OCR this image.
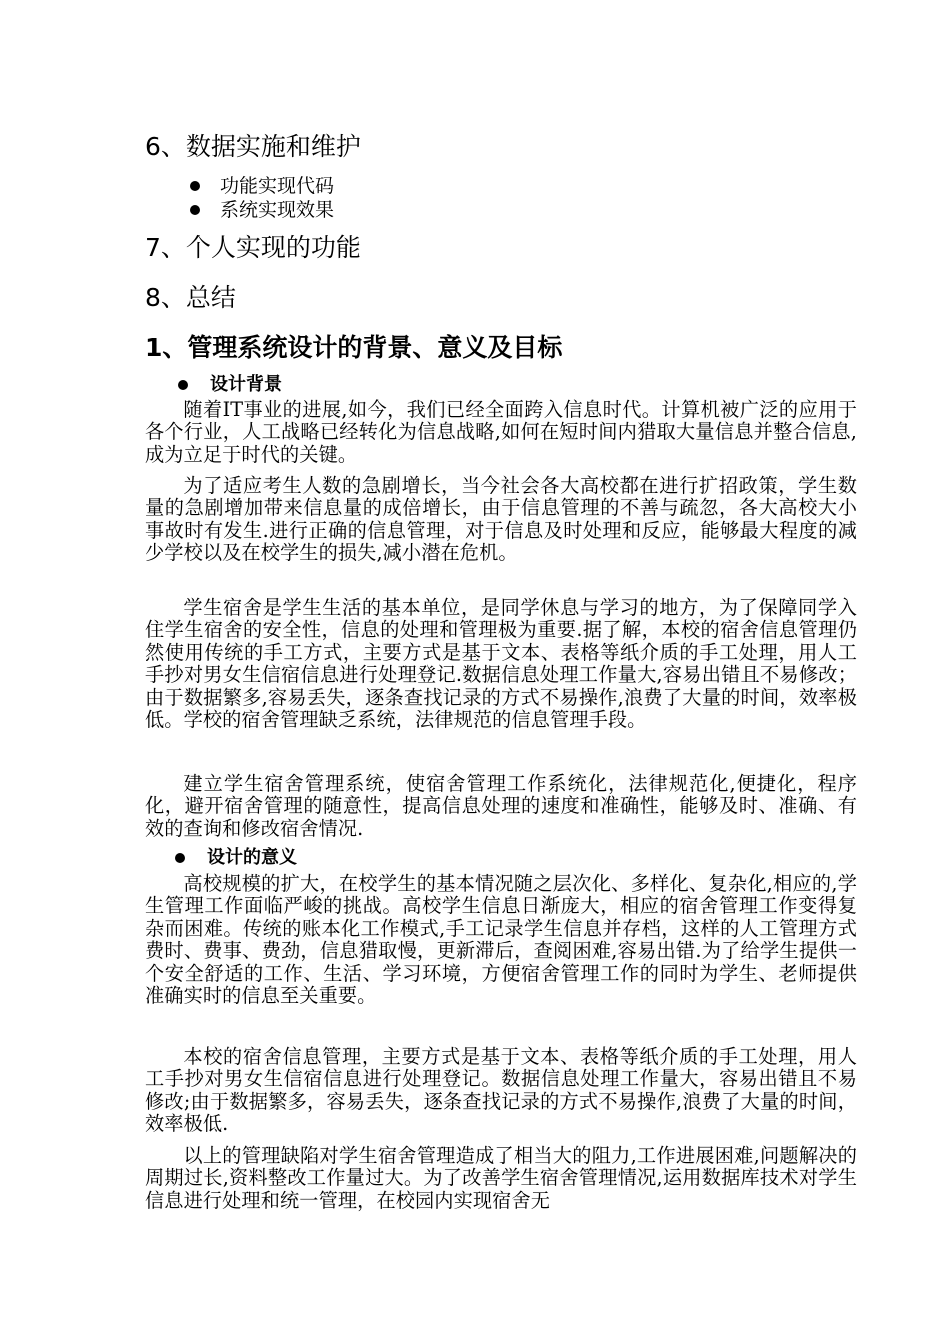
6、数据实施和维护
功能实现代码
系统实现效果
7、个人实现的功能
8、总结
1、管理系统设计的背景、意义及目标
设计背景
随着IT事业的进展,如今，我们已经全面跨入信息时代。计算机被广泛的应用于各个行业，人工战略已经转化为信息战略,如何在短时间内猎取大量信息并整合信息,成为立足于时代的关键。
为了适应考生人数的急剧增长，当今社会各大高校都在进行扩招政策，学生数量的急剧增加带来信息量的成倍增长，由于信息管理的不善与疏忽，各大高校大小事故时有发生.进行正确的信息管理，对于信息及时处理和反应，能够最大程度的减少学校以及在校学生的损失,减小潜在危机。
学生宿舍是学生生活的基本单位，是同学休息与学习的地方，为了保障同学入住学生宿舍的安全性，信息的处理和管理极为重要.据了解，本校的宿舍信息管理仍然使用传统的手工方式，主要方式是基于文本、表格等纸介质的手工处理，用人工手抄对男女生信宿信息进行处理登记.数据信息处理工作量大,容易出错且不易修改；由于数据繁多,容易丢失，逐条查找记录的方式不易操作,浪费了大量的时间，效率极低。学校的宿舍管理缺乏系统，法律规范的信息管理手段。
建立学生宿舍管理系统，使宿舍管理工作系统化，法律规范化,便捷化，程序化，避开宿舍管理的随意性，提高信息处理的速度和准确性，能够及时、准确、有效的查询和修改宿舍情况.
设计的意义
高校规模的扩大，在校学生的基本情况随之层次化、多样化、复杂化,相应的,学生管理工作面临严峻的挑战。高校学生信息日渐庞大，相应的宿舍管理工作变得复杂而困难。传统的账本化工作模式,手工记录学生信息并存档，这样的人工管理方式费时、费事、费劲，信息猎取慢，更新滞后，查阅困难,容易出错.为了给学生提供一个安全舒适的工作、生活、学习环境，方便宿舍管理工作的同时为学生、老师提供准确实时的信息至关重要。
本校的宿舍信息管理，主要方式是基于文本、表格等纸介质的手工处理，用人工手抄对男女生信宿信息进行处理登记。数据信息处理工作量大，容易出错且不易修改;由于数据繁多，容易丢失，逐条查找记录的方式不易操作,浪费了大量的时间，效率极低.
以上的管理缺陷对学生宿舍管理造成了相当大的阻力,工作进展困难,问题解决的周期过长,资料整改工作量过大。为了改善学生宿舍管理情况,运用数据库技术对学生信息进行处理和统一管理，在校园内实现宿舍无
